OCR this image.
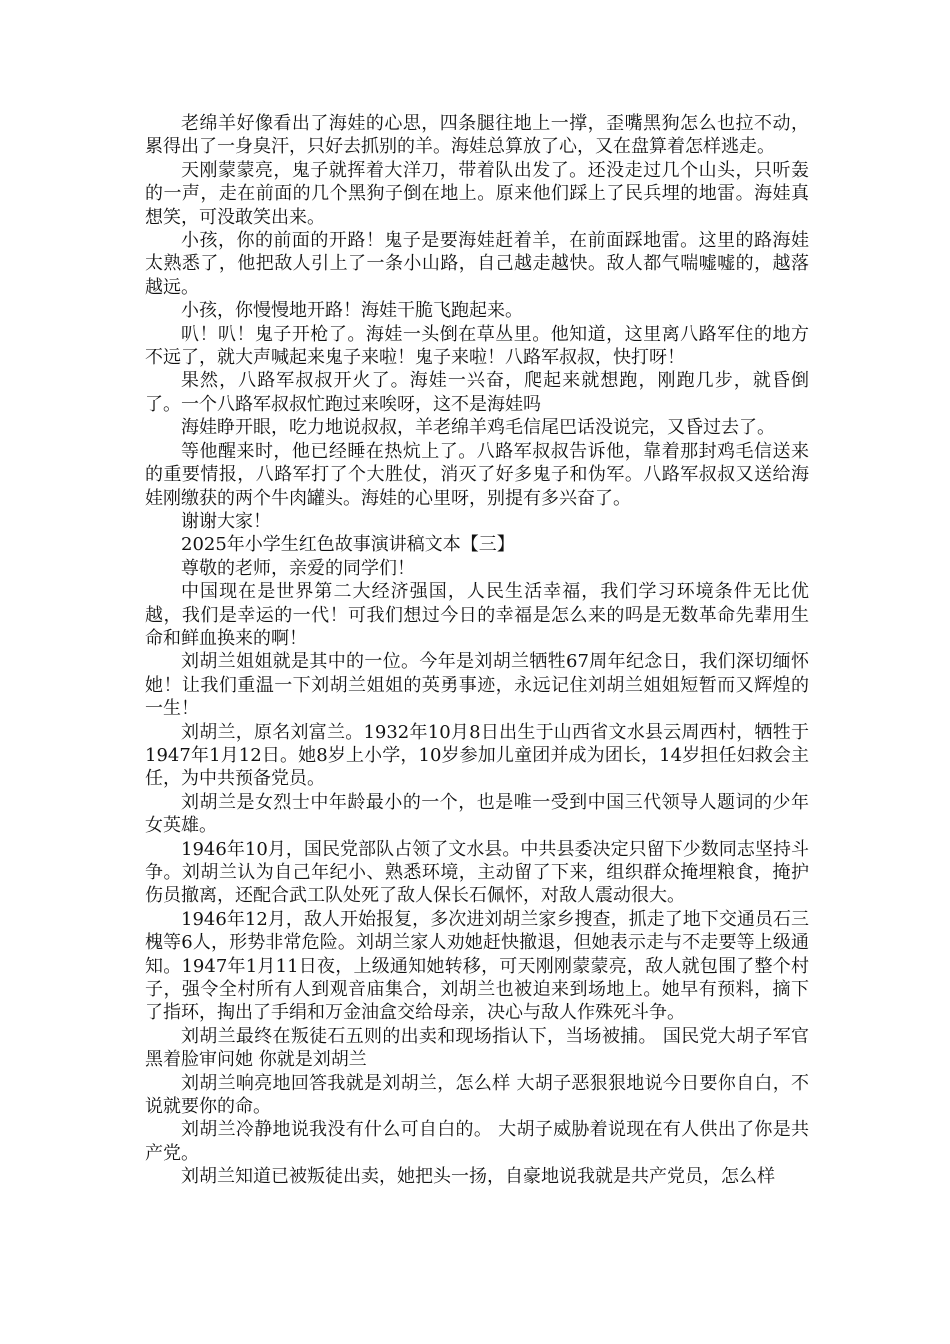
老绵羊好像看出了海娃的心思，四条腿往地上一撑，歪嘴黑狗怎么也拉不动，累得出了一身臭汗，只好去抓别的羊。海娃总算放了心，又在盘算着怎样逃走。

天刚蒙蒙亮，鬼子就挥着大洋刀，带着队出发了。还没走过几个山头，只听轰的一声，走在前面的几个黑狗子倒在地上。原来他们踩上了民兵埋的地雷。海娃真想笑，可没敢笑出来。

小孩，你的前面的开路！鬼子是要海娃赶着羊，在前面踩地雷。这里的路海娃太熟悉了，他把敌人引上了一条小山路，自己越走越快。敌人都气喘嘘嘘的，越落越远。

小孩，你慢慢地开路！海娃干脆飞跑起来。

叭！叭！鬼子开枪了。海娃一头倒在草丛里。他知道，这里离八路军住的地方不远了，就大声喊起来鬼子来啦！鬼子来啦！八路军叔叔，快打呀！

果然，八路军叔叔开火了。海娃一兴奋，爬起来就想跑，刚跑几步，就昏倒了。一个八路军叔叔忙跑过来唉呀，这不是海娃吗

海娃睁开眼，吃力地说叔叔，羊老绵羊鸡毛信尾巴话没说完，又昏过去了。

等他醒来时，他已经睡在热炕上了。八路军叔叔告诉他，靠着那封鸡毛信送来的重要情报，八路军打了个大胜仗，消灭了好多鬼子和伪军。八路军叔叔又送给海娃刚缴获的两个牛肉罐头。海娃的心里呀，别提有多兴奋了。

谢谢大家！

2025年小学生红色故事演讲稿文本【三】

尊敬的老师，亲爱的同学们！

中国现在是世界第二大经济强国，人民生活幸福，我们学习环境条件无比优越，我们是幸运的一代！可我们想过今日的幸福是怎么来的吗是无数革命先辈用生命和鲜血换来的啊！

刘胡兰姐姐就是其中的一位。今年是刘胡兰牺牲67周年纪念日，我们深切缅怀她！让我们重温一下刘胡兰姐姐的英勇事迹，永远记住刘胡兰姐姐短暂而又辉煌的一生！

刘胡兰，原名刘富兰。1932年10月8日出生于山西省文水县云周西村，牺牲于1947年1月12日。她8岁上小学，10岁参加儿童团并成为团长，14岁担任妇救会主任，为中共预备党员。

刘胡兰是女烈士中年龄最小的一个，也是唯一受到中国三代领导人题词的少年女英雄。

1946年10月，国民党部队占领了文水县。中共县委决定只留下少数同志坚持斗争。刘胡兰认为自己年纪小、熟悉环境，主动留了下来，组织群众掩埋粮食，掩护伤员撤离，还配合武工队处死了敌人保长石佩怀，对敌人震动很大。

1946年12月，敌人开始报复，多次进刘胡兰家乡搜查，抓走了地下交通员石三槐等6人，形势非常危险。刘胡兰家人劝她赶快撤退，但她表示走与不走要等上级通知。1947年1月11日夜，上级通知她转移，可天刚刚蒙蒙亮，敌人就包围了整个村子，强令全村所有人到观音庙集合，刘胡兰也被迫来到场地上。她早有预料，摘下了指环，掏出了手绢和万金油盒交给母亲，决心与敌人作殊死斗争。

刘胡兰最终在叛徒石五则的出卖和现场指认下，当场被捕。 国民党大胡子军官黑着脸审问她 你就是刘胡兰

刘胡兰响亮地回答我就是刘胡兰，怎么样 大胡子恶狠狠地说今日要你自白，不说就要你的命。

刘胡兰冷静地说我没有什么可自白的。 大胡子威胁着说现在有人供出了你是共产党。

刘胡兰知道已被叛徒出卖，她把头一扬，自豪地说我就是共产党员，怎么样
